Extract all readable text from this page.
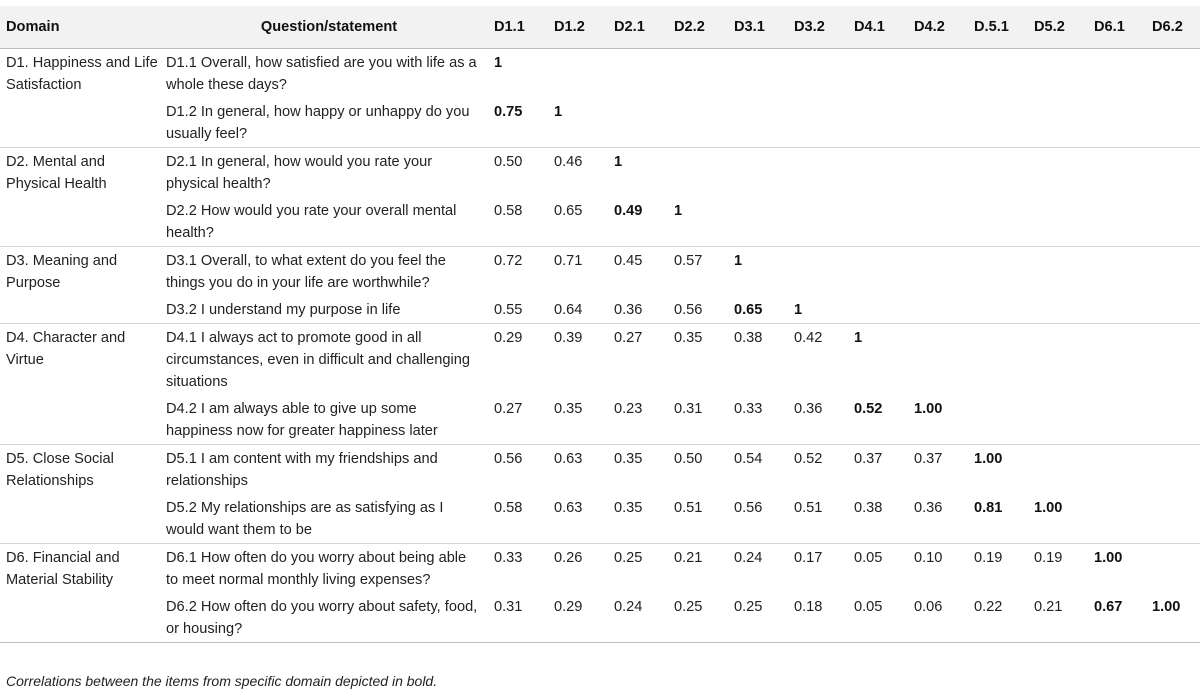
Domain	Question/statement	D1.1	D1.2	D2.1	D2.2	D3.1	D3.2	D4.1	D4.2	D.5.1	D5.2	D6.1	D6.2
D1. Happiness and Life Satisfaction	D1.1 Overall, how satisfied are you with life as a whole these days?	1											
	D1.2 In general, how happy or unhappy do you usually feel?	0.75	1										
D2. Mental and Physical Health	D2.1 In general, how would you rate your physical health?	0.50	0.46	1									
	D2.2 How would you rate your overall mental health?	0.58	0.65	0.49	1								
D3. Meaning and Purpose	D3.1 Overall, to what extent do you feel the things you do in your life are worthwhile?	0.72	0.71	0.45	0.57	1							
	D3.2 I understand my purpose in life	0.55	0.64	0.36	0.56	0.65	1						
D4. Character and Virtue	D4.1 I always act to promote good in all circumstances, even in difficult and challenging situations	0.29	0.39	0.27	0.35	0.38	0.42	1					
	D4.2 I am always able to give up some happiness now for greater happiness later	0.27	0.35	0.23	0.31	0.33	0.36	0.52	1.00				
D5. Close Social Relationships	D5.1 I am content with my friendships and relationships	0.56	0.63	0.35	0.50	0.54	0.52	0.37	0.37	1.00			
	D5.2 My relationships are as satisfying as I would want them to be	0.58	0.63	0.35	0.51	0.56	0.51	0.38	0.36	0.81	1.00		
D6. Financial and Material Stability	D6.1 How often do you worry about being able to meet normal monthly living expenses?	0.33	0.26	0.25	0.21	0.24	0.17	0.05	0.10	0.19	0.19	1.00	
	D6.2 How often do you worry about safety, food, or housing?	0.31	0.29	0.24	0.25	0.25	0.18	0.05	0.06	0.22	0.21	0.67	1.00
Correlations between the items from specific domain depicted in bold.
